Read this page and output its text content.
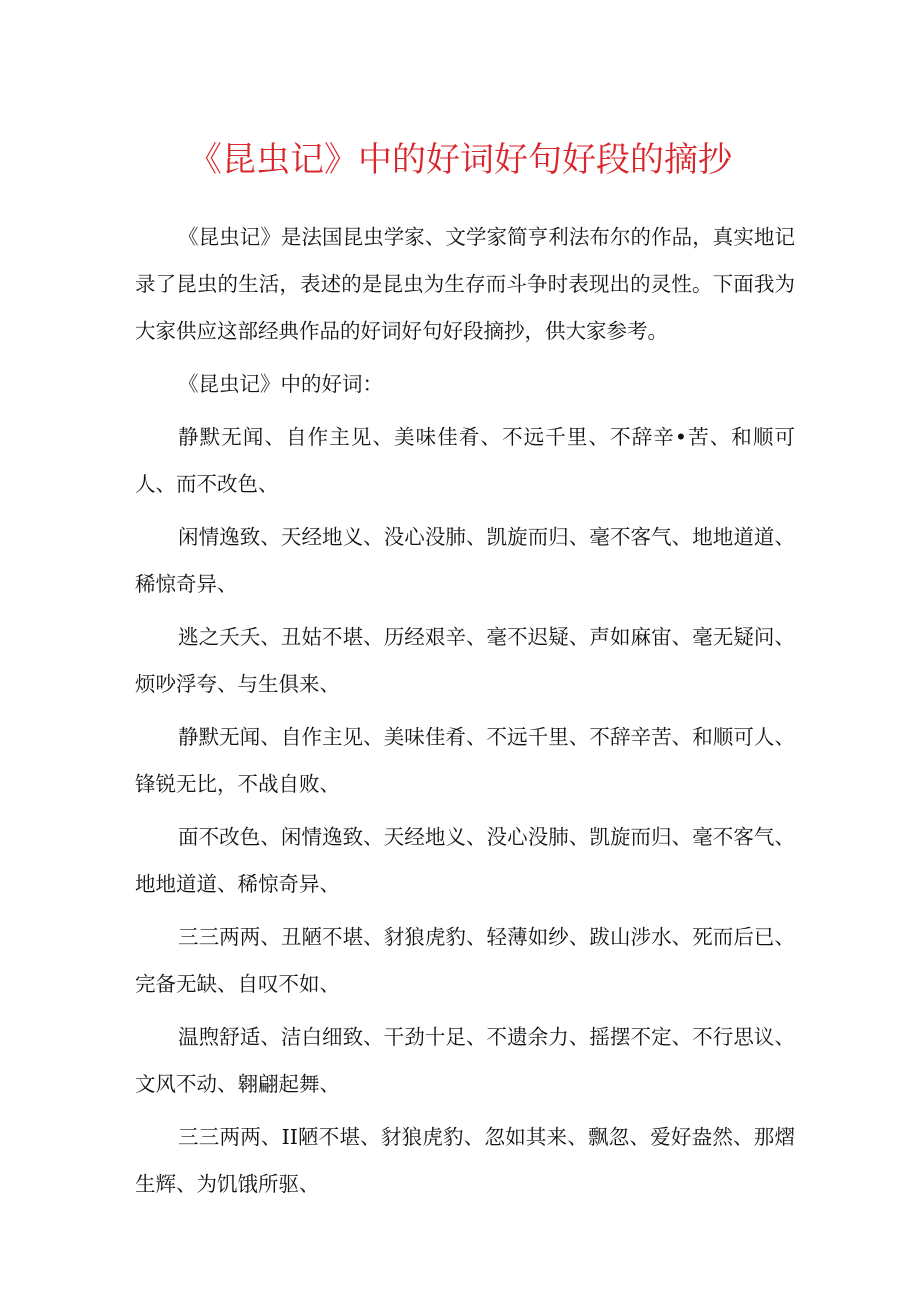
《昆虫记》中的好词好句好段的摘抄

《昆虫记》是法国昆虫学家、文学家简亨利法布尔的作品，真实地记录了昆虫的生活，表述的是昆虫为生存而斗争时表现出的灵性。下面我为大家供应这部经典作品的好词好句好段摘抄，供大家参考。

《昆虫记》中的好词：

静默无闻、自作主见、美味佳肴、不远千里、不辞辛•苦、和顺可人、而不改色、

闲情逸致、天经地义、没心没肺、凯旋而归、毫不客气、地地道道、稀惊奇异、

逃之夭夭、丑姑不堪、历经艰辛、毫不迟疑、声如麻宙、毫无疑问、烦吵浮夸、与生俱来、

静默无闻、自作主见、美味佳肴、不远千里、不辞辛苦、和顺可人、锋锐无比，不战自败、

面不改色、闲情逸致、天经地义、没心没肺、凯旋而归、毫不客气、地地道道、稀惊奇异、

三三两两、丑陋不堪、豺狼虎豹、轻薄如纱、跋山涉水、死而后已、完备无缺、自叹不如、

温煦舒适、洁白细致、干劲十足、不遗余力、摇摆不定、不行思议、文风不动、翱翩起舞、

三三两两、II陋不堪、豺狼虎豹、忽如其来、飘忽、爱好盎然、那熠生辉、为饥饿所驱、
